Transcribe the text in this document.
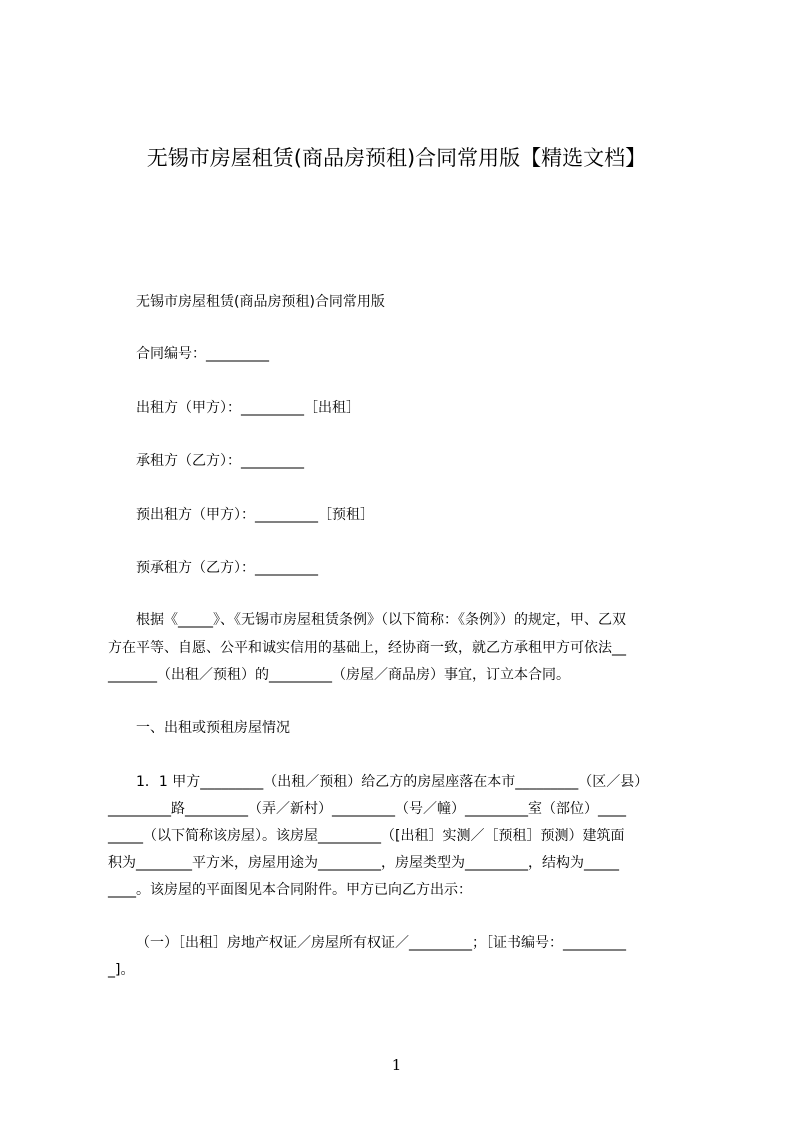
无锡市房屋租赁(商品房预租)合同常用版【精选文档】
无锡市房屋租赁(商品房预租)合同常用版
合同编号：_________
出租方（甲方）：_________［出租］
承租方（乙方）：_________
预出租方（甲方）：_________［预租］
预承租方（乙方）：_________
根据《_____》、《无锡市房屋租赁条例》（以下简称：《条例》）的规定，甲、乙双
方在平等、自愿、公平和诚实信用的基础上，经协商一致，就乙方承租甲方可依法__
_______（出租／预租）的_________（房屋／商品房）事宜，订立本合同。
一、出租或预租房屋情况
1．1 甲方_________（出租／预租）给乙方的房屋座落在本市_________（区／县）
_________路_________（弄／新村）_________（号／幢）_________室（部位）____
_____（以下简称该房屋）。该房屋_________（[出租］实测／［预租］预测）建筑面
积为________平方米，房屋用途为_________，房屋类型为_________，结构为_____
____。该房屋的平面图见本合同附件。甲方已向乙方出示：
（一）［出租］房地产权证／房屋所有权证／_________；［证书编号：_________
_]。
1
